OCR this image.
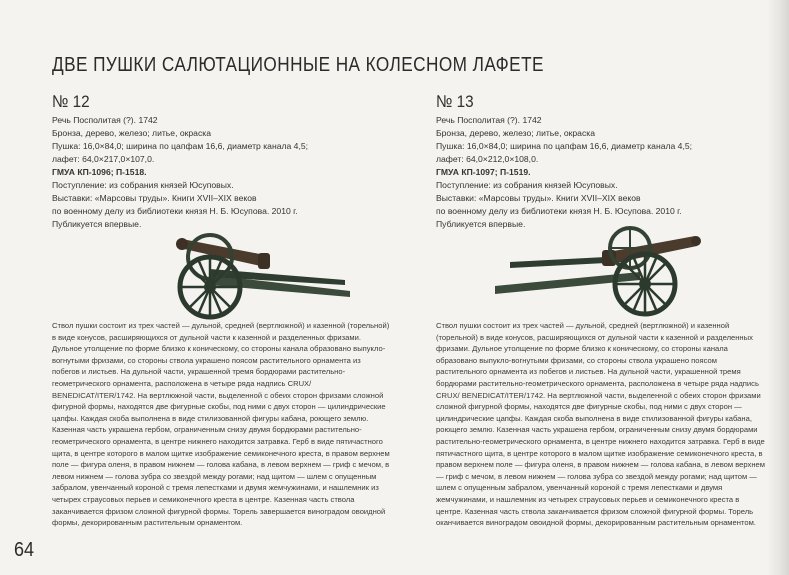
ДВЕ ПУШКИ САЛЮТАЦИОННЫЕ НА КОЛЕСНОМ ЛАФЕТЕ
№ 12
Речь Посполитая (?). 1742
Бронза, дерево, железо; литье, окраска
Пушка: 16,0×84,0; ширина по цапфам 16,6, диаметр канала 4,5;
лафет: 64,0×217,0×107,0.
ГМУА КП-1096; П-1518.
Поступление: из собрания князей Юсуповых.
Выставки: «Марсовы труды». Книги XVII–XIX веков
по военному делу из библиотеки князя Н. Б. Юсупова. 2010 г.
Публикуется впервые.
№ 13
Речь Посполитая (?). 1742
Бронза, дерево, железо; литье, окраска
Пушка: 16,0×84,0; ширина по цапфам 16,6, диаметр канала 4,5;
лафет: 64,0×212,0×108,0.
ГМУА КП-1097; П-1519.
Поступление: из собрания князей Юсуповых.
Выставки: «Марсовы труды». Книги XVII–XIX веков
по военному делу из библиотеки князя Н. Б. Юсупова. 2010 г.
Публикуется впервые.
Ствол пушки состоит из трех частей — дульной, средней (вертлюжной) и казенной (торельной) в виде конусов, расширяющихся от дульной части к казенной и разделенных фризами. Дульное утолщение по форме близко к коническому, со стороны канала образовано выпукло-вогнутыми фризами, со стороны ствола украшено поясом растительного орнамента из побегов и листьев. На дульной части, украшенной тремя бордюрами растительно-геометрического орнамента, расположена в четыре ряда надпись CRUX/ BENEDICAT/ITER/1742. На вертлюжной части, выделенной с обеих сторон фризами сложной фигурной формы, находятся две фигурные скобы, под ними с двух сторон — цилиндрические цапфы. Каждая скоба выполнена в виде стилизованной фигуры кабана, роющего землю. Казенная часть украшена гербом, ограниченным снизу двумя бордюрами растительно-геометрического орнамента, в центре нижнего находится затравка. Герб в виде пятичастного щита, в центре которого в малом щитке изображение семиконечного креста, в правом верхнем поле — фигура оленя, в правом нижнем — голова кабана, в левом верхнем — гриф с мечом, в левом нижнем — голова зубра со звездой между рогами; над щитом — шлем с опущенным забралом, увенчанный короной с тремя лепестками и двумя жемчужинами, и нашлемник из четырех страусовых перьев и семиконечного креста в центре. Казенная часть ствола заканчивается фризом сложной фигурной формы. Торель завершается виноградом овоидной формы, декорированным растительным орнаментом.
Ствол пушки состоит из трех частей — дульной, средней (вертлюжной) и казенной (торельной) в виде конусов, расширяющихся от дульной части к казенной и разделенных фризами. Дульное утолщение по форме близко к коническому, со стороны канала образовано выпукло-вогнутыми фризами, со стороны ствола украшено поясом растительного орнамента из побегов и листьев. На дульной части, украшенной тремя бордюрами растительно-геометрического орнамента, расположена в четыре ряда надпись CRUX/ BENEDICAT/ITER/1742. На вертлюжной части, выделенной с обеих сторон фризами сложной фигурной формы, находятся две фигурные скобы, под ними с двух сторон — цилиндрические цапфы. Каждая скоба выполнена в виде стилизованной фигуры кабана, роющего землю. Казенная часть украшена гербом, ограниченным снизу двумя бордюрами растительно-геометрического орнамента, в центре нижнего находится затравка. Герб в виде пятичастного щита, в центре которого в малом щитке изображение семиконечного креста, в правом верхнем поле — фигура оленя, в правом нижнем — голова кабана, в левом верхнем — гриф с мечом, в левом нижнем — голова зубра со звездой между рогами; над щитом — шлем с опущенным забралом, увенчанный короной с тремя лепестками и двумя жемчужинами, и нашлемник из четырех страусовых перьев и семиконечного креста в центре. Казенная часть ствола заканчивается фризом сложной фигурной формы. Торель оканчивается виноградом овоидной формы, декорированным растительным орнаментом.
64
